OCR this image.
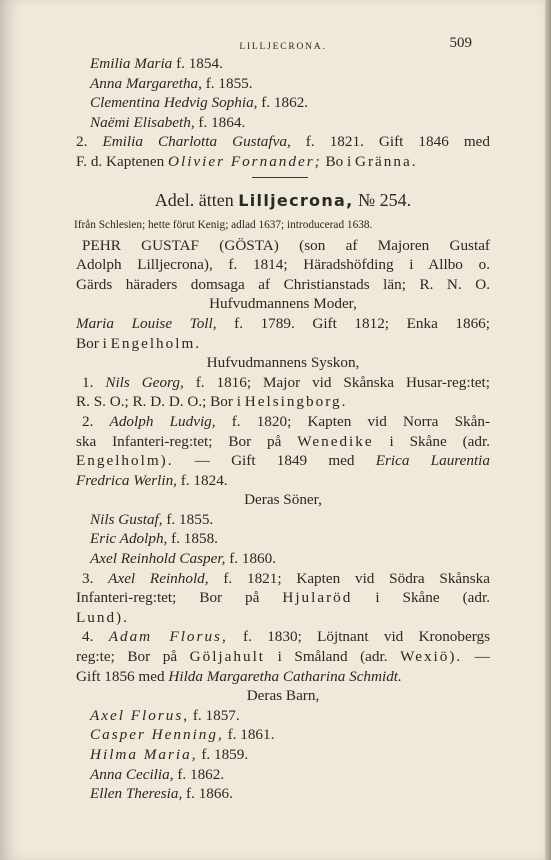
LILLJECRONA.	509
Emilia Maria f. 1854.
Anna Margaretha, f. 1855.
Clementina Hedvig Sophia, f. 1862.
Naëmi Elisabeth, f. 1864.
2. Emilia Charlotta Gustafva, f. 1821. Gift 1846 med
F. d. Kaptenen Olivier Fornander; Bo i Gränna.
Adel. ätten Lilljecrona, № 254.
Ifrån Schlesien; hette förut Kenig; adlad 1637; introducerad 1638.
PEHR GUSTAF (GÖSTA) (son af Majoren Gustaf
Adolph Lilljecrona), f. 1814; Häradshöfding i Allbo o.
Gärds häraders domsaga af Christianstads län; R. N. O.
Hufvudmannens Moder,
Maria Louise Toll, f. 1789. Gift 1812; Enka 1866;
Bor i Engelholm.
Hufvudmannens Syskon,
1. Nils Georg, f. 1816; Major vid Skånska Husar-reg:tet;
R. S. O.; R. D. D. O.; Bor i Helsingborg.
2. Adolph Ludvig, f. 1820; Kapten vid Norra Skån-
ska Infanteri-reg:tet; Bor på Wenedike i Skåne (adr.
Engelholm). — Gift 1849 med Erica Laurentia
Fredrica Werlin, f. 1824.
Deras Söner,
Nils Gustaf, f. 1855.
Eric Adolph, f. 1858.
Axel Reinhold Casper, f. 1860.
3. Axel Reinhold, f. 1821; Kapten vid Södra Skånska
Infanteri-reg:tet; Bor på Hjularöd i Skåne (adr.
Lund).
4. Adam Florus, f. 1830; Löjtnant vid Kronobergs
reg:te; Bor på Göljahult i Småland (adr. Wexiö). —
Gift 1856 med Hilda Margaretha Catharina Schmidt.
Deras Barn,
Axel Florus, f. 1857.
Casper Henning, f. 1861.
Hilma Maria, f. 1859.
Anna Cecilia, f. 1862.
Ellen Theresia, f. 1866.
